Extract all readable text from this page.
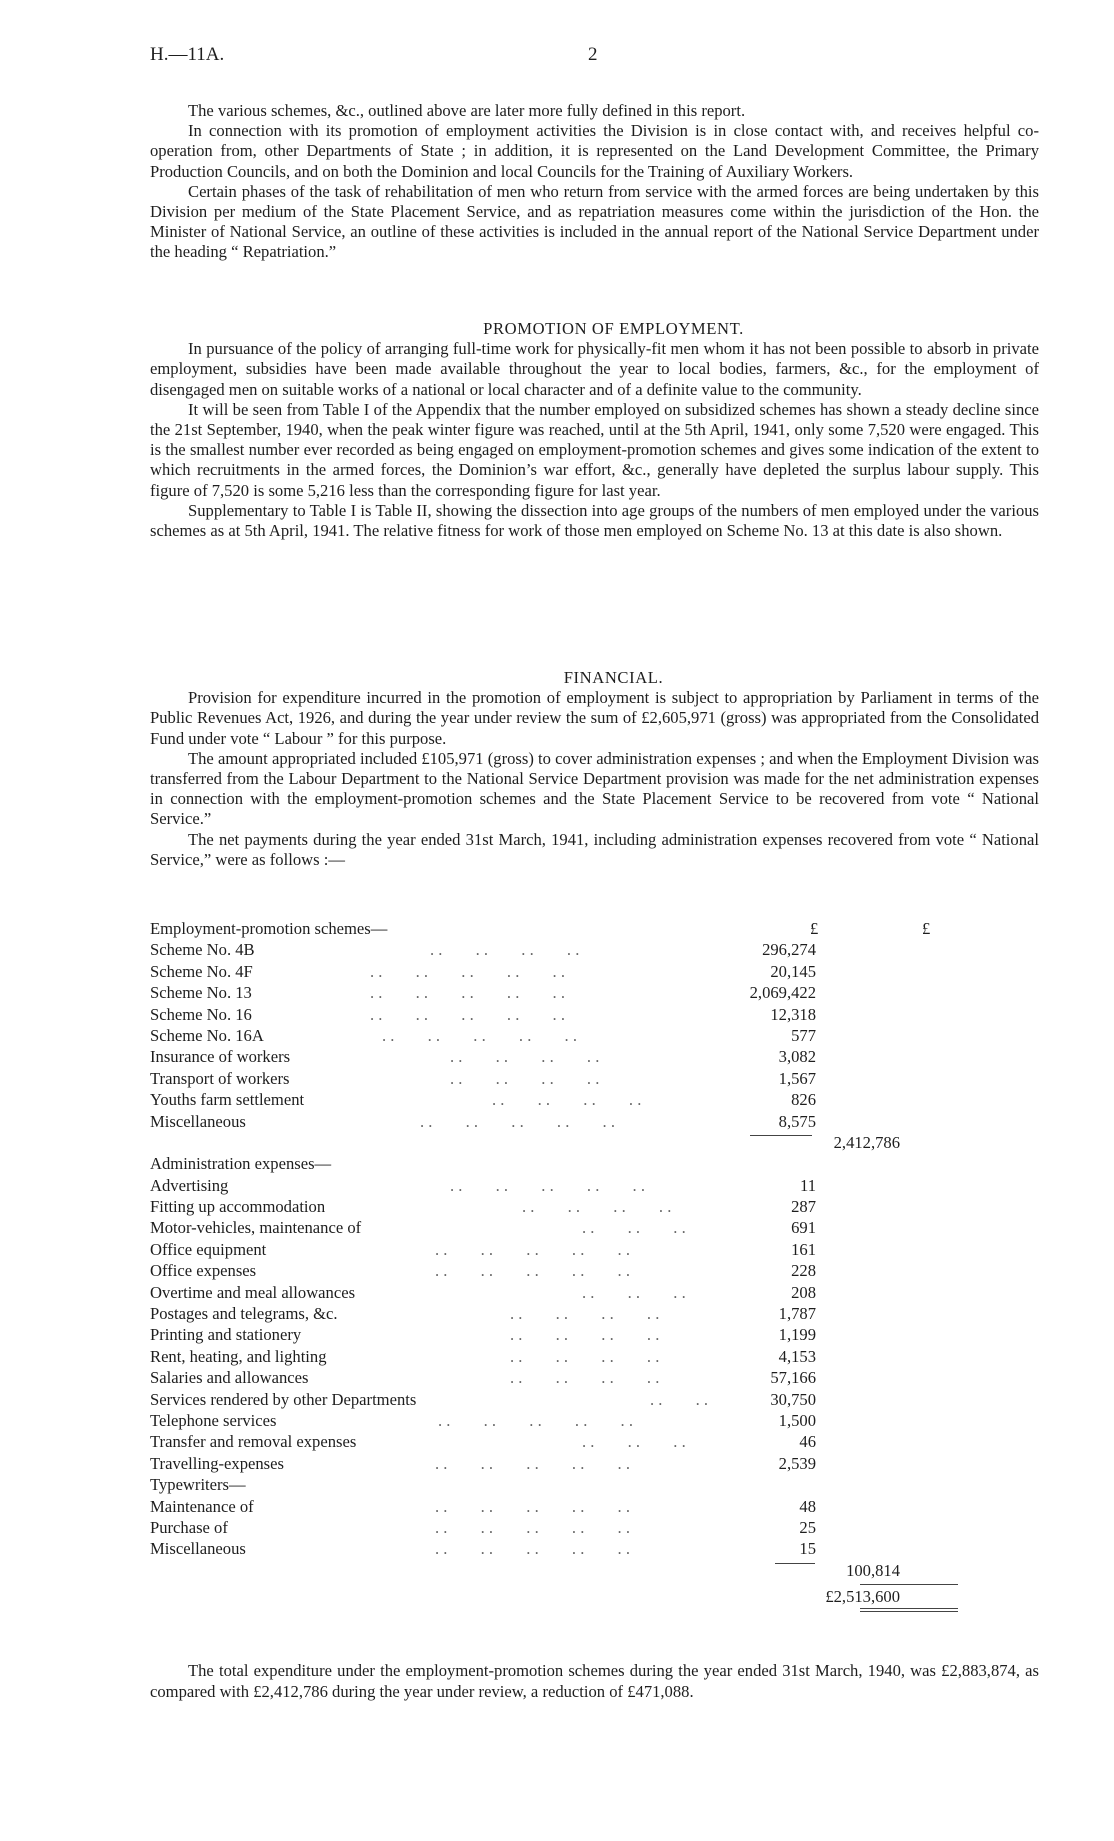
H.—11A.	2

The various schemes, &c., outlined above are later more fully defined in this report.

In connection with its promotion of employment activities the Division is in close contact with, and receives helpful co-operation from, other Departments of State ; in addition, it is represented on the Land Development Committee, the Primary Production Councils, and on both the Dominion and local Councils for the Training of Auxiliary Workers.

Certain phases of the task of rehabilitation of men who return from service with the armed forces are being undertaken by this Division per medium of the State Placement Service, and as repatriation measures come within the jurisdiction of the Hon. the Minister of National Service, an outline of these activities is included in the annual report of the National Service Department under the heading “ Repatriation.”

PROMOTION OF EMPLOYMENT.

In pursuance of the policy of arranging full-time work for physically-fit men whom it has not been possible to absorb in private employment, subsidies have been made available throughout the year to local bodies, farmers, &c., for the employment of disengaged men on suitable works of a national or local character and of a definite value to the community.

It will be seen from Table I of the Appendix that the number employed on subsidized schemes has shown a steady decline since the 21st September, 1940, when the peak winter figure was reached, until at the 5th April, 1941, only some 7,520 were engaged. This is the smallest number ever recorded as being engaged on employment-promotion schemes and gives some indication of the extent to which recruitments in the armed forces, the Dominion’s war effort, &c., generally have depleted the surplus labour supply. This figure of 7,520 is some 5,216 less than the corresponding figure for last year.

Supplementary to Table I is Table II, showing the dissection into age groups of the numbers of men employed under the various schemes as at 5th April, 1941. The relative fitness for work of those men employed on Scheme No. 13 at this date is also shown.

FINANCIAL.

Provision for expenditure incurred in the promotion of employment is subject to appropriation by Parliament in terms of the Public Revenues Act, 1926, and during the year under review the sum of £2,605,971 (gross) was appropriated from the Consolidated Fund under vote “ Labour ” for this purpose.

The amount appropriated included £105,971 (gross) to cover administration expenses ; and when the Employment Division was transferred from the Labour Department to the National Service Department provision was made for the net administration expenses in connection with the employment-promotion schemes and the State Placement Service to be recovered from vote “ National Service.”

The net payments during the year ended 31st March, 1941, including administration expenses recovered from vote “ National Service,” were as follows :—

Employment-promotion schemes—	£	£
Scheme No. 4B	. .        . .        . .        . .	296,274
Scheme No. 4F	. .        . .        . .        . .        . .	20,145
Scheme No. 13	. .        . .        . .        . .        . .	2,069,422
Scheme No. 16	. .        . .        . .        . .        . .	12,318
Scheme No. 16A	. .        . .        . .        . .        . .	577
Insurance of workers	. .        . .        . .        . .	3,082
Transport of workers	. .        . .        . .        . .	1,567
Youths farm settlement	. .        . .        . .        . .	826
Miscellaneous	. .        . .        . .        . .        . .	8,575
2,412,786
Administration expenses—
Advertising	. .        . .        . .        . .        . .	11
Fitting up accommodation	. .        . .        . .        . .	287
Motor-vehicles, maintenance of	. .        . .        . .	691
Office equipment	. .        . .        . .        . .        . .	161
Office expenses	. .        . .        . .        . .        . .	228
Overtime and meal allowances	. .        . .        . .	208
Postages and telegrams, &c.	. .        . .        . .        . .	1,787
Printing and stationery	. .        . .        . .        . .	1,199
Rent, heating, and lighting	. .        . .        . .        . .	4,153
Salaries and allowances	. .        . .        . .        . .	57,166
Services rendered by other Departments	. .        . .	30,750
Telephone services	. .        . .        . .        . .        . .	1,500
Transfer and removal expenses	. .        . .        . .	46
Travelling-expenses	. .        . .        . .        . .        . .	2,539
Typewriters—
Maintenance of	. .        . .        . .        . .        . .	48
Purchase of	. .        . .        . .        . .        . .	25
Miscellaneous	. .        . .        . .        . .        . .	15
100,814
£2,513,600

The total expenditure under the employment-promotion schemes during the year ended 31st March, 1940, was £2,883,874, as compared with £2,412,786 during the year under review, a reduction of £471,088.
